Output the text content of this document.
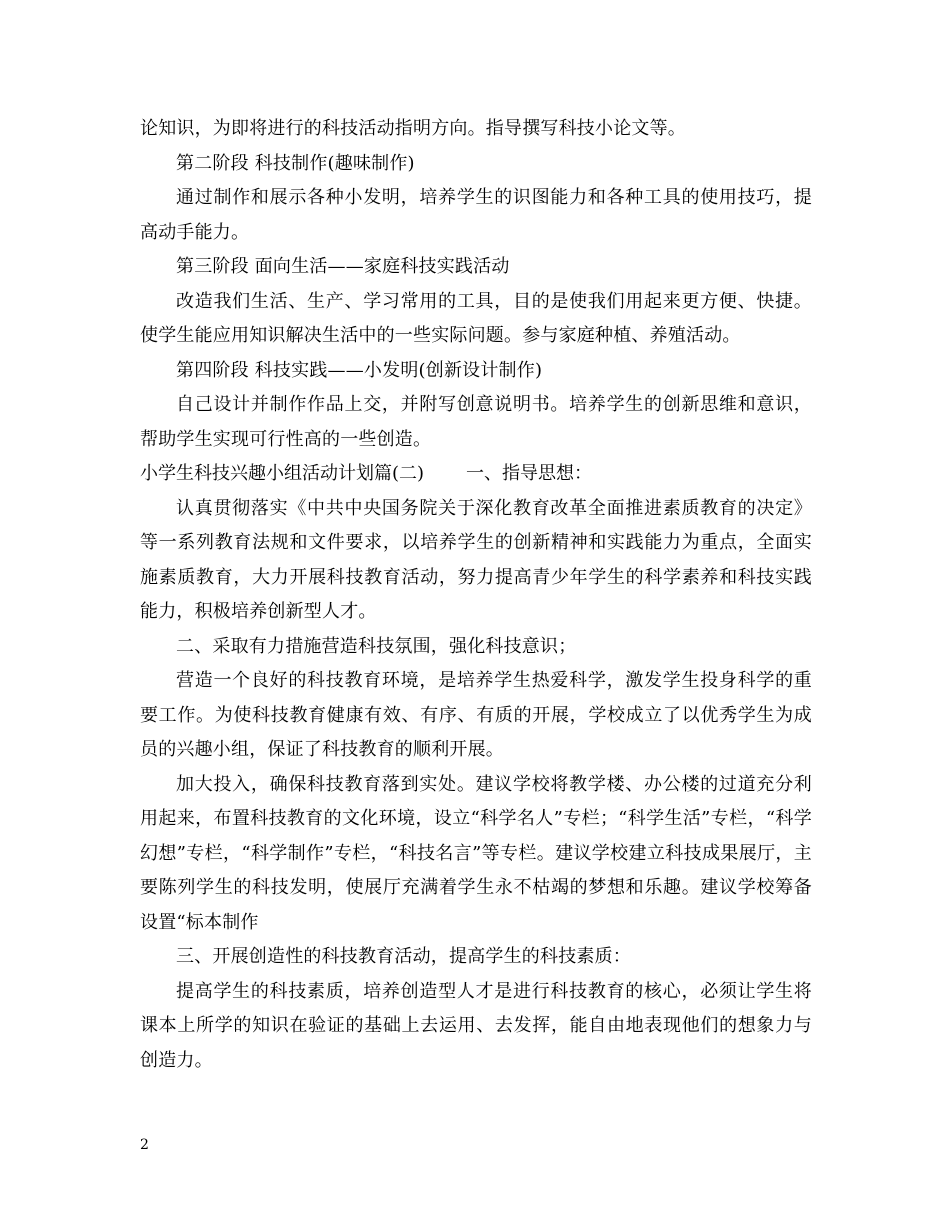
论知识，为即将进行的科技活动指明方向。指导撰写科技小论文等。

第二阶段 科技制作(趣味制作)

通过制作和展示各种小发明，培养学生的识图能力和各种工具的使用技巧，提高动手能力。

第三阶段 面向生活——家庭科技实践活动

改造我们生活、生产、学习常用的工具，目的是使我们用起来更方便、快捷。使学生能应用知识解决生活中的一些实际问题。参与家庭种植、养殖活动。

第四阶段 科技实践——小发明(创新设计制作)

自己设计并制作作品上交，并附写创意说明书。培养学生的创新思维和意识，帮助学生实现可行性高的一些创造。

小学生科技兴趣小组活动计划篇(二) 一、指导思想：

认真贯彻落实《中共中央国务院关于深化教育改革全面推进素质教育的决定》等一系列教育法规和文件要求，以培养学生的创新精神和实践能力为重点，全面实施素质教育，大力开展科技教育活动，努力提高青少年学生的科学素养和科技实践能力，积极培养创新型人才。

二、采取有力措施营造科技氛围，强化科技意识；

营造一个良好的科技教育环境，是培养学生热爱科学，激发学生投身科学的重要工作。为使科技教育健康有效、有序、有质的开展，学校成立了以优秀学生为成员的兴趣小组，保证了科技教育的顺利开展。

加大投入，确保科技教育落到实处。建议学校将教学楼、办公楼的过道充分利用起来，布置科技教育的文化环境，设立“科学名人”专栏；“科学生活”专栏，“科学幻想”专栏，“科学制作”专栏，“科技名言”等专栏。建议学校建立科技成果展厅，主要陈列学生的科技发明，使展厅充满着学生永不枯竭的梦想和乐趣。建议学校筹备设置“标本制作

三、开展创造性的科技教育活动，提高学生的科技素质：

提高学生的科技素质，培养创造型人才是进行科技教育的核心，必须让学生将课本上所学的知识在验证的基础上去运用、去发挥，能自由地表现他们的想象力与创造力。

2
